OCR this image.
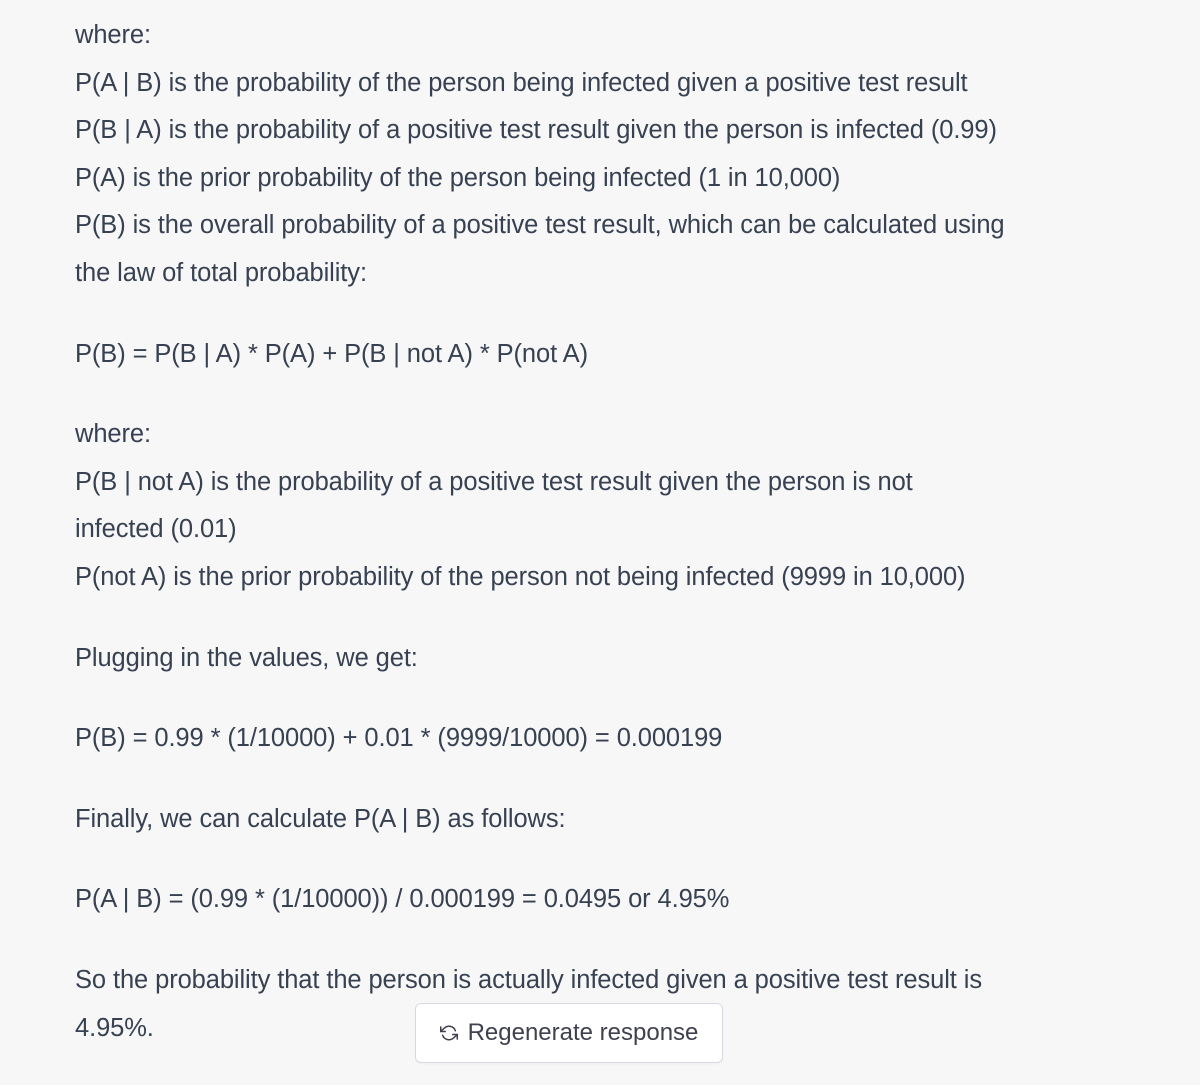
where:

P(A | B) is the probability of the person being infected given a positive test result

P(B | A) is the probability of a positive test result given the person is infected (0.99)

P(A) is the prior probability of the person being infected (1 in 10,000)

P(B) is the overall probability of a positive test result, which can be calculated using

the law of total probability:

P(B) = P(B | A) * P(A) + P(B | not A) * P(not A)

where:

P(B | not A) is the probability of a positive test result given the person is not

infected (0.01)

P(not A) is the prior probability of the person not being infected (9999 in 10,000)

Plugging in the values, we get:

P(B) = 0.99 * (1/10000) + 0.01 * (9999/10000) = 0.000199

Finally, we can calculate P(A | B) as follows:

P(A | B) = (0.99 * (1/10000)) / 0.000199 = 0.0495 or 4.95%

So the probability that the person is actually infected given a positive test result is

4.95%.	Regenerate response
